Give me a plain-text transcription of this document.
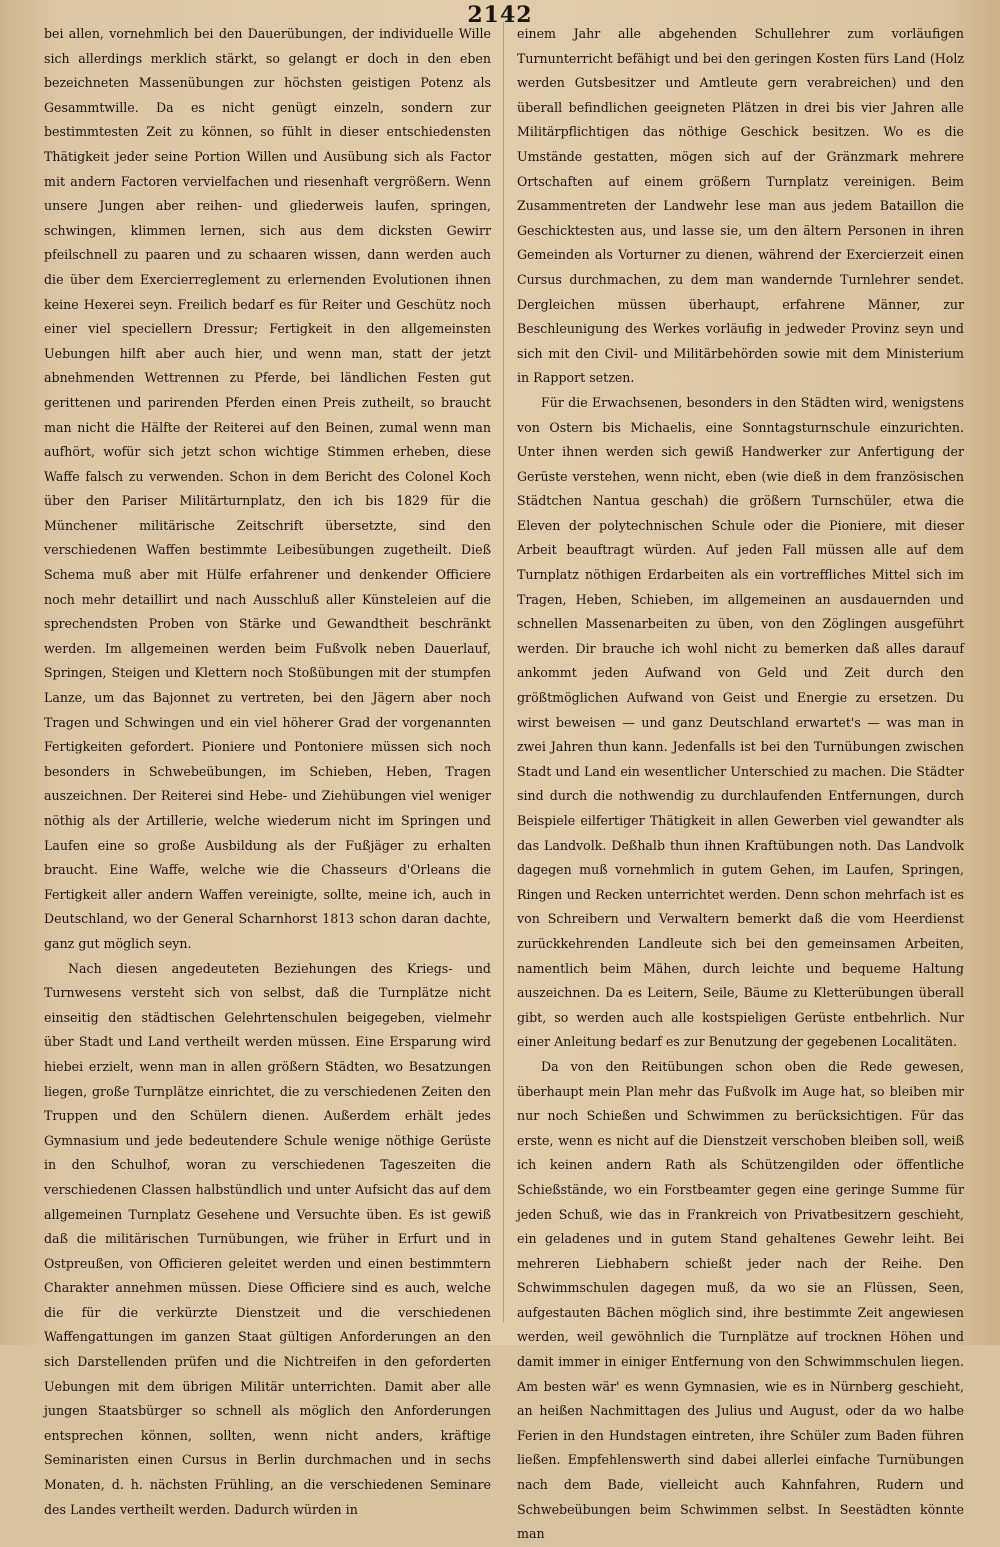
2142

bei allen, vornehmlich bei den Dauerübungen, der individuelle Wille sich allerdings merklich stärkt, so gelangt er doch in den eben bezeichneten Massenübungen zur höchsten geistigen Potenz als Gesammtwille. Da es nicht genügt einzeln, sondern zur bestimmtesten Zeit zu können, so fühlt in dieser entschiedensten Thätigkeit jeder seine Portion Willen und Ausübung sich als Factor mit andern Factoren vervielfachen und riesenhaft vergrößern. Wenn unsere Jungen aber reihen- und gliederweis laufen, springen, schwingen, klimmen lernen, sich aus dem dicksten Gewirr pfeilschnell zu paaren und zu schaaren wissen, dann werden auch die über dem Exercierreglement zu erlernenden Evolutionen ihnen keine Hexerei seyn. Freilich bedarf es für Reiter und Geschütz noch einer viel speciellern Dressur; Fertigkeit in den allgemeinsten Uebungen hilft aber auch hier, und wenn man, statt der jetzt abnehmenden Wettrennen zu Pferde, bei ländlichen Festen gut gerittenen und parirenden Pferden einen Preis zutheilt, so braucht man nicht die Hälfte der Reiterei auf den Beinen, zumal wenn man aufhört, wofür sich jetzt schon wichtige Stimmen erheben, diese Waffe falsch zu verwenden. Schon in dem Bericht des Colonel Koch über den Pariser Militärturnplatz, den ich bis 1829 für die Münchener militärische Zeitschrift übersetzte, sind den verschiedenen Waffen bestimmte Leibesübungen zugetheilt. Dieß Schema muß aber mit Hülfe erfahrener und denkender Officiere noch mehr detaillirt und nach Ausschluß aller Künsteleien auf die sprechendsten Proben von Stärke und Gewandtheit beschränkt werden. Im allgemeinen werden beim Fußvolk neben Dauerlauf, Springen, Steigen und Klettern noch Stoßübungen mit der stumpfen Lanze, um das Bajonnet zu vertreten, bei den Jägern aber noch Tragen und Schwingen und ein viel höherer Grad der vorgenannten Fertigkeiten gefordert. Pioniere und Pontoniere müssen sich noch besonders in Schwebeübungen, im Schieben, Heben, Tragen auszeichnen. Der Reiterei sind Hebe- und Ziehübungen viel weniger nöthig als der Artillerie, welche wiederum nicht im Springen und Laufen eine so große Ausbildung als der Fußjäger zu erhalten braucht. Eine Waffe, welche wie die Chasseurs d'Orleans die Fertigkeit aller andern Waffen vereinigte, sollte, meine ich, auch in Deutschland, wo der General Scharnhorst 1813 schon daran dachte, ganz gut möglich seyn.

Nach diesen angedeuteten Beziehungen des Kriegs- und Turnwesens versteht sich von selbst, daß die Turnplätze nicht einseitig den städtischen Gelehrtenschulen beigegeben, vielmehr über Stadt und Land vertheilt werden müssen. Eine Ersparung wird hiebei erzielt, wenn man in allen größern Städten, wo Besatzungen liegen, große Turnplätze einrichtet, die zu verschiedenen Zeiten den Truppen und den Schülern dienen. Außerdem erhält jedes Gymnasium und jede bedeutendere Schule wenige nöthige Gerüste in den Schulhof, woran zu verschiedenen Tageszeiten die verschiedenen Classen halbstündlich und unter Aufsicht das auf dem allgemeinen Turnplatz Gesehene und Versuchte üben. Es ist gewiß daß die militärischen Turnübungen, wie früher in Erfurt und in Ostpreußen, von Officieren geleitet werden und einen bestimmtern Charakter annehmen müssen. Diese Officiere sind es auch, welche die für die verkürzte Dienstzeit und die verschiedenen Waffengattungen im ganzen Staat gültigen Anforderungen an den sich Darstellenden prüfen und die Nichtreifen in den geforderten Uebungen mit dem übrigen Militär unterrichten. Damit aber alle jungen Staatsbürger so schnell als möglich den Anforderungen entsprechen können, sollten, wenn nicht anders, kräftige Seminaristen einen Cursus in Berlin durchmachen und in sechs Monaten, d. h. nächsten Frühling, an die verschiedenen Seminare des Landes vertheilt werden. Dadurch würden in

einem Jahr alle abgehenden Schullehrer zum vorläufigen Turnunterricht befähigt und bei den geringen Kosten fürs Land (Holz werden Gutsbesitzer und Amtleute gern verabreichen) und den überall befindlichen geeigneten Plätzen in drei bis vier Jahren alle Militärpflichtigen das nöthige Geschick besitzen. Wo es die Umstände gestatten, mögen sich auf der Gränzmark mehrere Ortschaften auf einem größern Turnplatz vereinigen. Beim Zusammentreten der Landwehr lese man aus jedem Bataillon die Geschicktesten aus, und lasse sie, um den ältern Personen in ihren Gemeinden als Vorturner zu dienen, während der Exercierzeit einen Cursus durchmachen, zu dem man wandernde Turnlehrer sendet. Dergleichen müssen überhaupt, erfahrene Männer, zur Beschleunigung des Werkes vorläufig in jedweder Provinz seyn und sich mit den Civil- und Militärbehörden sowie mit dem Ministerium in Rapport setzen.

Für die Erwachsenen, besonders in den Städten wird, wenigstens von Ostern bis Michaelis, eine Sonntagsturnschule einzurichten. Unter ihnen werden sich gewiß Handwerker zur Anfertigung der Gerüste verstehen, wenn nicht, eben (wie dieß in dem französischen Städtchen Nantua geschah) die größern Turnschüler, etwa die Eleven der polytechnischen Schule oder die Pioniere, mit dieser Arbeit beauftragt würden. Auf jeden Fall müssen alle auf dem Turnplatz nöthigen Erdarbeiten als ein vortreffliches Mittel sich im Tragen, Heben, Schieben, im allgemeinen an ausdauernden und schnellen Massenarbeiten zu üben, von den Zöglingen ausgeführt werden. Dir brauche ich wohl nicht zu bemerken daß alles darauf ankommt jeden Aufwand von Geld und Zeit durch den größtmöglichen Aufwand von Geist und Energie zu ersetzen. Du wirst beweisen — und ganz Deutschland erwartet's — was man in zwei Jahren thun kann. Jedenfalls ist bei den Turnübungen zwischen Stadt und Land ein wesentlicher Unterschied zu machen. Die Städter sind durch die nothwendig zu durchlaufenden Entfernungen, durch Beispiele eilfertiger Thätigkeit in allen Gewerben viel gewandter als das Landvolk. Deßhalb thun ihnen Kraftübungen noth. Das Landvolk dagegen muß vornehmlich in gutem Gehen, im Laufen, Springen, Ringen und Recken unterrichtet werden. Denn schon mehrfach ist es von Schreibern und Verwaltern bemerkt daß die vom Heerdienst zurückkehrenden Landleute sich bei den gemeinsamen Arbeiten, namentlich beim Mähen, durch leichte und bequeme Haltung auszeichnen. Da es Leitern, Seile, Bäume zu Kletterübungen überall gibt, so werden auch alle kostspieligen Gerüste entbehrlich. Nur einer Anleitung bedarf es zur Benutzung der gegebenen Localitäten.

Da von den Reitübungen schon oben die Rede gewesen, überhaupt mein Plan mehr das Fußvolk im Auge hat, so bleiben mir nur noch Schießen und Schwimmen zu berücksichtigen. Für das erste, wenn es nicht auf die Dienstzeit verschoben bleiben soll, weiß ich keinen andern Rath als Schützengilden oder öffentliche Schießstände, wo ein Forstbeamter gegen eine geringe Summe für jeden Schuß, wie das in Frankreich von Privatbesitzern geschieht, ein geladenes und in gutem Stand gehaltenes Gewehr leiht. Bei mehreren Liebhabern schießt jeder nach der Reihe. Den Schwimmschulen dagegen muß, da wo sie an Flüssen, Seen, aufgestauten Bächen möglich sind, ihre bestimmte Zeit angewiesen werden, weil gewöhnlich die Turnplätze auf trocknen Höhen und damit immer in einiger Entfernung von den Schwimmschulen liegen. Am besten wär' es wenn Gymnasien, wie es in Nürnberg geschieht, an heißen Nachmittagen des Julius und August, oder da wo halbe Ferien in den Hundstagen eintreten, ihre Schüler zum Baden führen ließen. Empfehlenswerth sind dabei allerlei einfache Turnübungen nach dem Bade, vielleicht auch Kahnfahren, Rudern und Schwebeübungen beim Schwimmen selbst. In Seestädten könnte man
